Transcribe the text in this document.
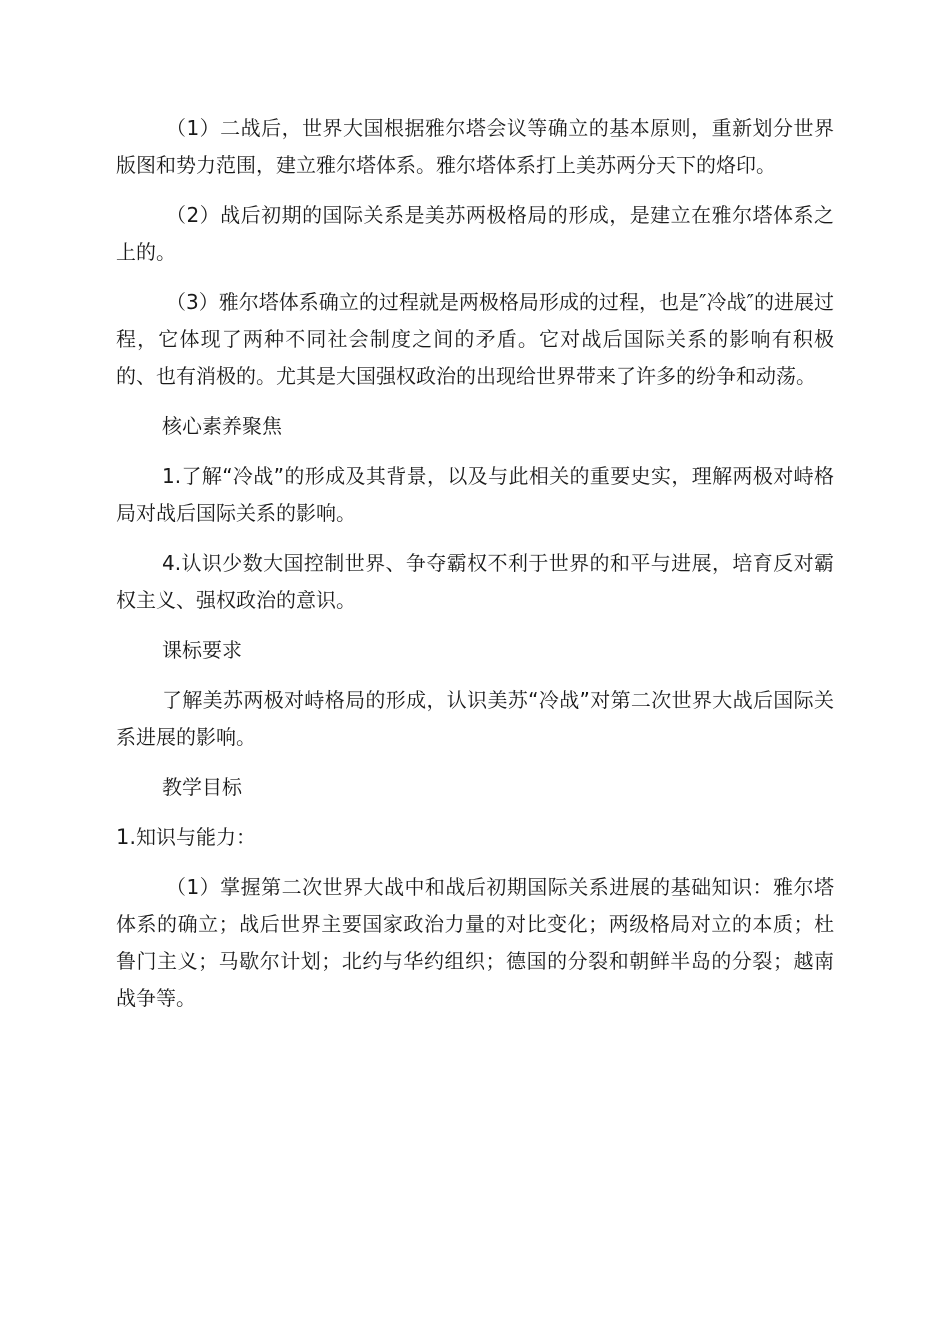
（1）二战后，世界大国根据雅尔塔会议等确立的基本原则，重新划分世界版图和势力范围，建立雅尔塔体系。雅尔塔体系打上美苏两分天下的烙印。

（2）战后初期的国际关系是美苏两极格局的形成，是建立在雅尔塔体系之上的。

（3）雅尔塔体系确立的过程就是两极格局形成的过程，也是″冷战″的进展过程，它体现了两种不同社会制度之间的矛盾。它对战后国际关系的影响有积极的、也有消极的。尤其是大国强权政治的出现给世界带来了许多的纷争和动荡。

核心素养聚焦

1.了解“冷战”的形成及其背景，以及与此相关的重要史实，理解两极对峙格局对战后国际关系的影响。

4.认识少数大国控制世界、争夺霸权不利于世界的和平与进展，培育反对霸权主义、强权政治的意识。

课标要求

了解美苏两极对峙格局的形成，认识美苏“冷战”对第二次世界大战后国际关系进展的影响。

教学目标

1.知识与能力：

（1）掌握第二次世界大战中和战后初期国际关系进展的基础知识：雅尔塔体系的确立；战后世界主要国家政治力量的对比变化；两级格局对立的本质；杜鲁门主义；马歇尔计划；北约与华约组织；德国的分裂和朝鲜半岛的分裂；越南战争等。
